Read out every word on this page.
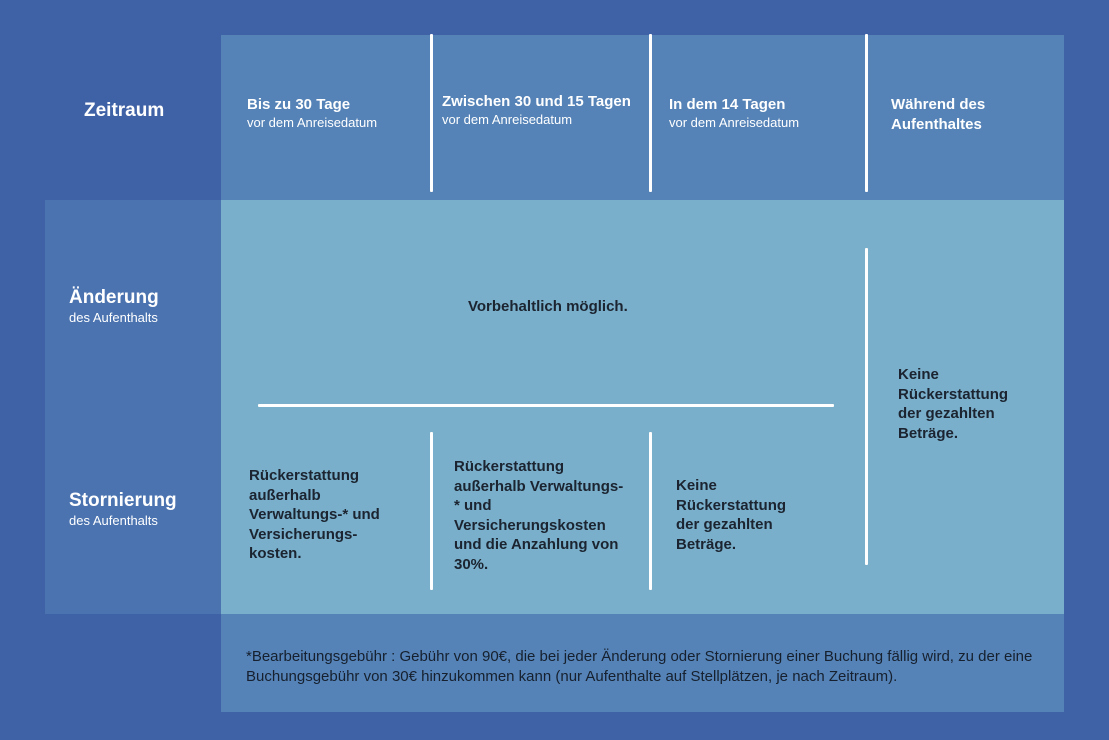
Zeitraum
Änderung
des Aufenthalts
Stornierung
des Aufenthalts
Bis zu 30 Tage
vor dem Anreisedatum
Zwischen 30 und 15 Tagen
vor dem Anreisedatum
In dem 14 Tagen
vor dem Anreisedatum
Während des Aufenthaltes
Vorbehaltlich möglich.
Keine Rückerstattung der gezahlten Beträge.
Rückerstattung außerhalb Verwaltungs-* und Versicherungs-kosten.
Rückerstattung außerhalb Verwaltungs-* und Versicherungskosten und die Anzahlung von 30%.
Keine Rückerstattung der gezahlten Beträge.
*Bearbeitungsgebühr : Gebühr von 90€, die bei jeder Änderung oder Stornierung einer Buchung fällig wird, zu der eine Buchungsgebühr von 30€ hinzukommen kann (nur Aufenthalte auf Stellplätzen, je nach Zeitraum).
